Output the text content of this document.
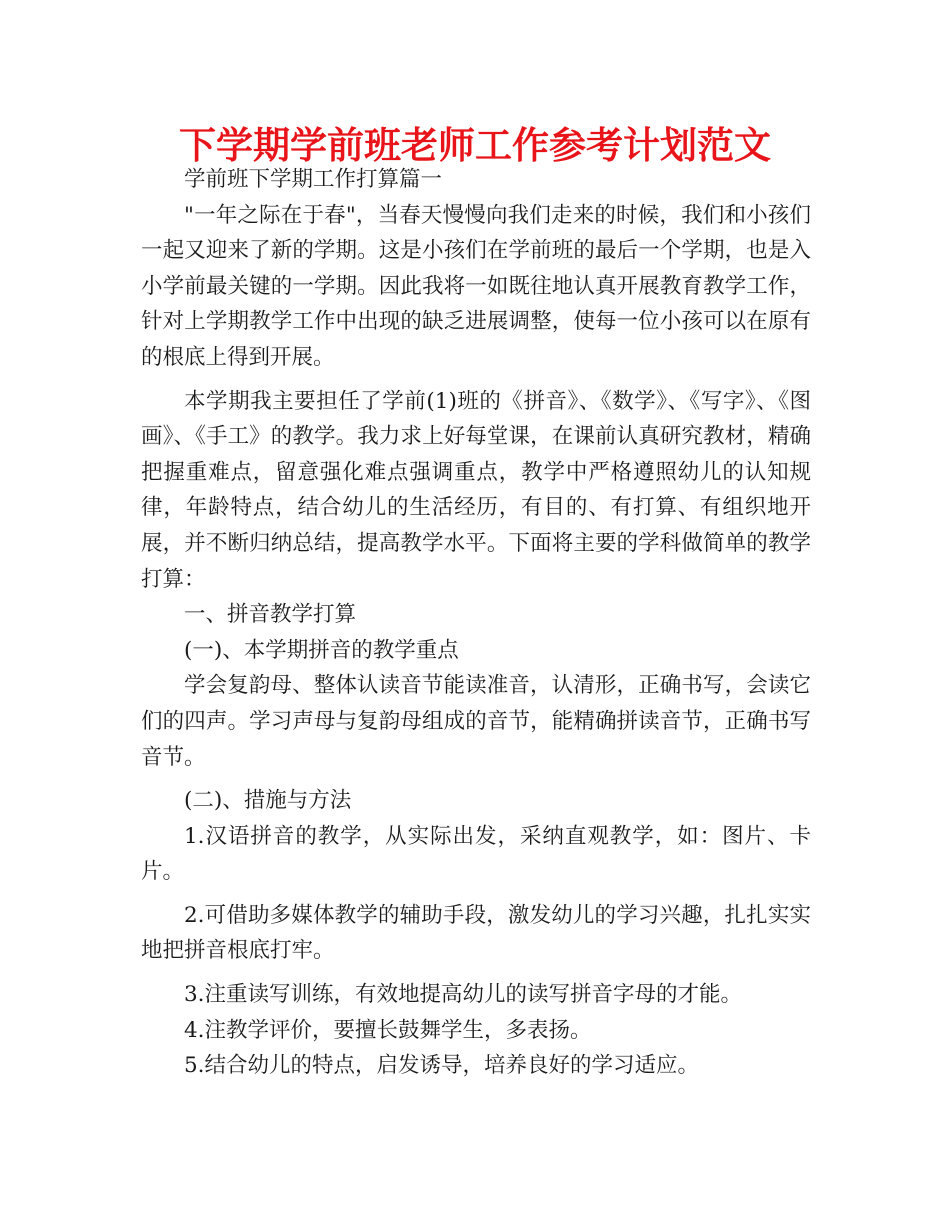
下学期学前班老师工作参考计划范文

学前班下学期工作打算篇一

"一年之际在于春"，当春天慢慢向我们走来的时候，我们和小孩们一起又迎来了新的学期。这是小孩们在学前班的最后一个学期，也是入小学前最关键的一学期。因此我将一如既往地认真开展教育教学工作，针对上学期教学工作中出现的缺乏进展调整，使每一位小孩可以在原有的根底上得到开展。

本学期我主要担任了学前(1)班的《拼音》、《数学》、《写字》、《图画》、《手工》的教学。我力求上好每堂课，在课前认真研究教材，精确把握重难点，留意强化难点强调重点，教学中严格遵照幼儿的认知规律，年龄特点，结合幼儿的生活经历，有目的、有打算、有组织地开展，并不断归纳总结，提高教学水平。下面将主要的学科做简单的教学打算：

一、拼音教学打算

(一)、本学期拼音的教学重点

学会复韵母、整体认读音节能读准音，认清形，正确书写，会读它们的四声。学习声母与复韵母组成的音节，能精确拼读音节，正确书写音节。

(二)、措施与方法

1.汉语拼音的教学，从实际出发，采纳直观教学，如：图片、卡片。

2.可借助多媒体教学的辅助手段，激发幼儿的学习兴趣，扎扎实实地把拼音根底打牢。

3.注重读写训练，有效地提高幼儿的读写拼音字母的才能。

4.注教学评价，要擅长鼓舞学生，多表扬。

5.结合幼儿的特点，启发诱导，培养良好的学习适应。
